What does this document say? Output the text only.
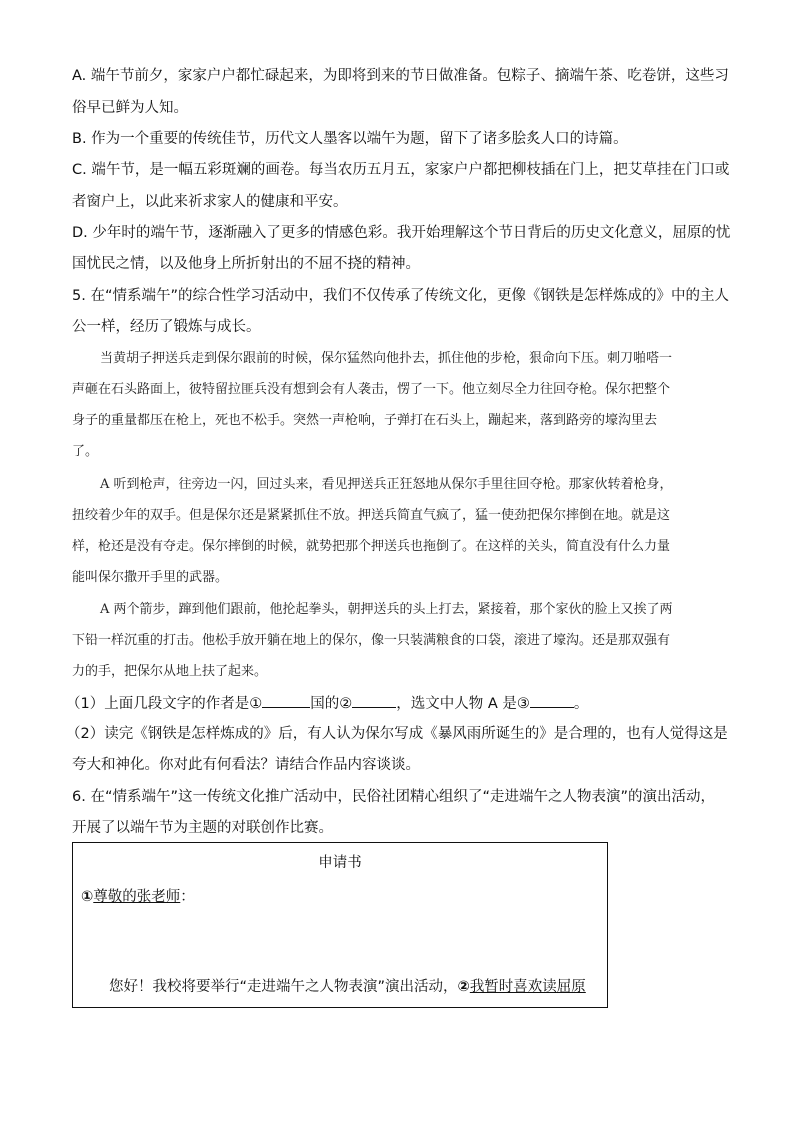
A. 端午节前夕，家家户户都忙碌起来，为即将到来的节日做准备。包粽子、摘端午茶、吃卷饼，这些习
俗早已鲜为人知。
B. 作为一个重要的传统佳节，历代文人墨客以端午为题，留下了诸多脍炙人口的诗篇。
C. 端午节，是一幅五彩斑斓的画卷。每当农历五月五，家家户户都把柳枝插在门上，把艾草挂在门口或
者窗户上，以此来祈求家人的健康和平安。
D. 少年时的端午节，逐渐融入了更多的情感色彩。我开始理解这个节日背后的历史文化意义，屈原的忧
国忧民之情，以及他身上所折射出的不屈不挠的精神。
5. 在“情系端午”的综合性学习活动中，我们不仅传承了传统文化，更像《钢铁是怎样炼成的》中的主人
公一样，经历了锻炼与成长。
当黄胡子押送兵走到保尔跟前的时候，保尔猛然向他扑去，抓住他的步枪，狠命向下压。刺刀啪嗒一
声砸在石头路面上，彼特留拉匪兵没有想到会有人袭击，愣了一下。他立刻尽全力往回夺枪。保尔把整个
身子的重量都压在枪上，死也不松手。突然一声枪响，子弹打在石头上，蹦起来，落到路旁的壕沟里去
了。
A 听到枪声，往旁边一闪，回过头来，看见押送兵正狂怒地从保尔手里往回夺枪。那家伙转着枪身，
扭绞着少年的双手。但是保尔还是紧紧抓住不放。押送兵简直气疯了，猛一使劲把保尔摔倒在地。就是这
样，枪还是没有夺走。保尔摔倒的时候，就势把那个押送兵也拖倒了。在这样的关头，简直没有什么力量
能叫保尔撒开手里的武器。
A 两个箭步，蹿到他们跟前，他抡起拳头，朝押送兵的头上打去，紧接着，那个家伙的脸上又挨了两
下铅一样沉重的打击。他松手放开躺在地上的保尔，像一只装满粮食的口袋，滚进了壕沟。还是那双强有
力的手，把保尔从地上扶了起来。
（1）上面几段文字的作者是①	国的②	，选文中人物 A 是③	。
（2）读完《钢铁是怎样炼成的》后，有人认为保尔写成《暴风雨所诞生的》是合理的，也有人觉得这是
夸大和神化。你对此有何看法？请结合作品内容谈谈。
6. 在“情系端午”这一传统文化推广活动中，民俗社团精心组织了“走进端午之人物表演”的演出活动，
开展了以端午节为主题的对联创作比赛。
申请书
①尊敬的张老师：
您好！我校将要举行“走进端午之人物表演”演出活动，②我暂时喜欢读屈原
